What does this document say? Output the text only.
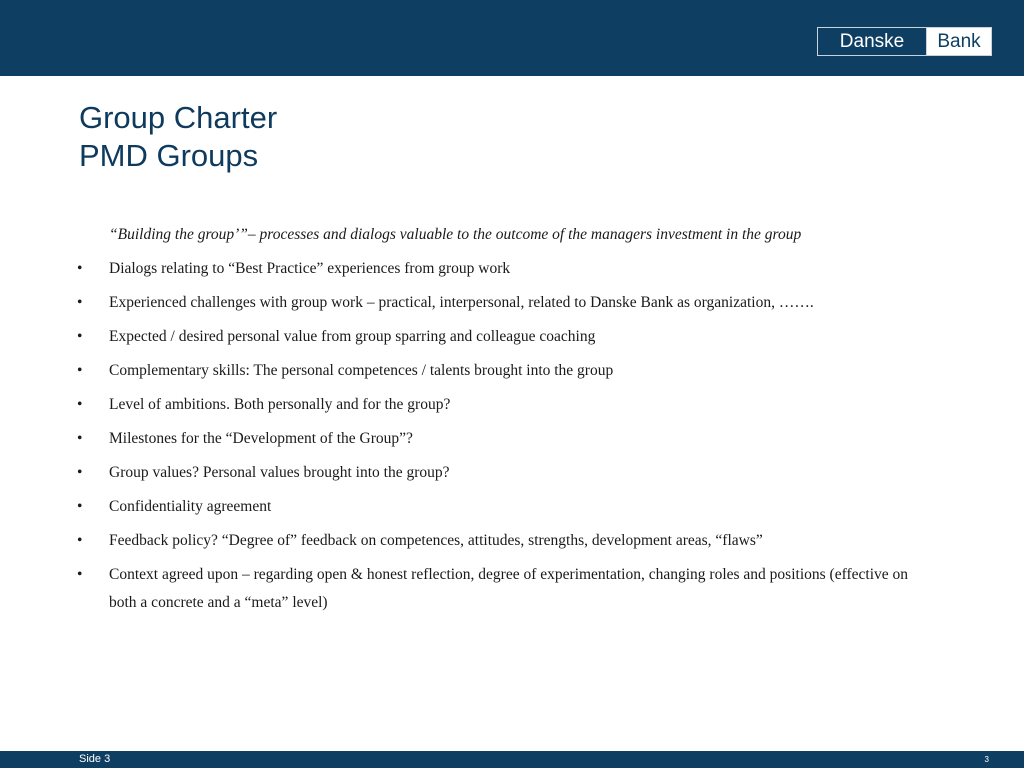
Danske	Bank
Group Charter
PMD Groups
“Building the group’”– processes and dialogs valuable to the outcome of the managers investment in the group
• Dialogs relating to “Best Practice” experiences from group work
• Experienced challenges with group work – practical, interpersonal, related to Danske Bank as organization, …….
• Expected / desired personal value from group sparring and colleague coaching
• Complementary skills: The personal competences / talents brought into the group
• Level of ambitions. Both personally and for the group?
• Milestones for the “Development of the Group”?
• Group values? Personal values brought into the group?
• Confidentiality agreement
• Feedback policy? “Degree of” feedback on competences, attitudes, strengths, development areas, “flaws”
• Context agreed upon – regarding open & honest reflection, degree of experimentation, changing roles and positions (effective on both a concrete and a “meta” level)
Side 3	3
